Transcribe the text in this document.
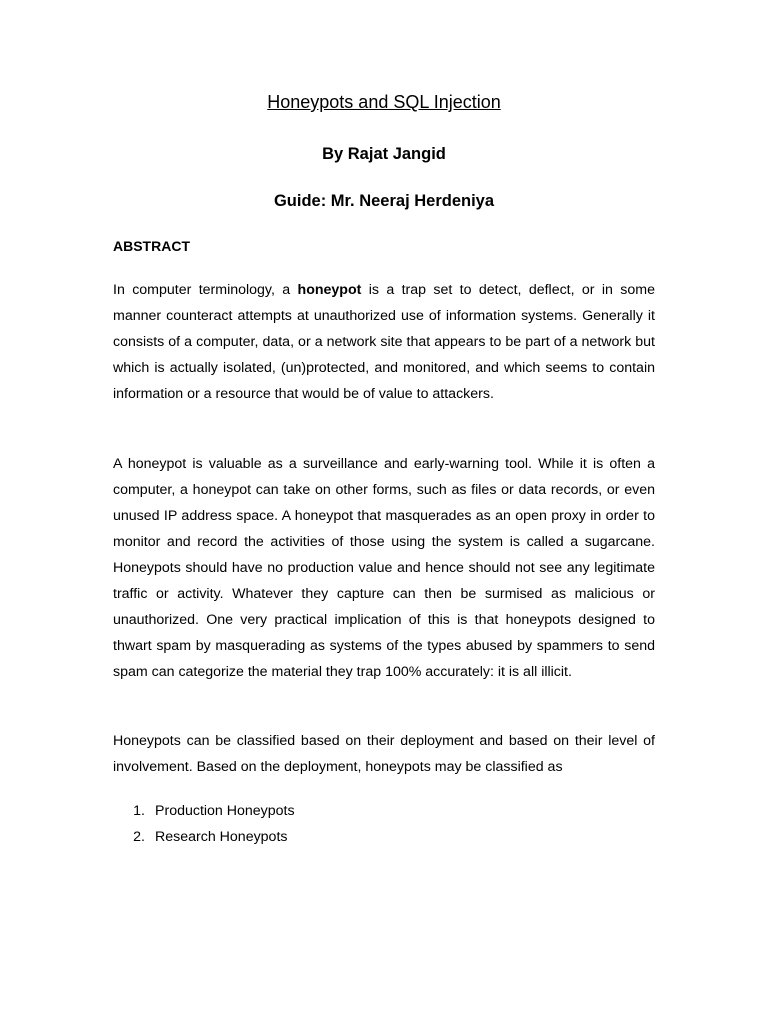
Honeypots and SQL Injection
By Rajat Jangid
Guide: Mr. Neeraj Herdeniya
ABSTRACT

In computer terminology, a honeypot is a trap set to detect, deflect, or in some manner counteract attempts at unauthorized use of information systems. Generally it consists of a computer, data, or a network site that appears to be part of a network but which is actually isolated, (un)protected, and monitored, and which seems to contain information or a resource that would be of value to attackers.

A honeypot is valuable as a surveillance and early-warning tool. While it is often a computer, a honeypot can take on other forms, such as files or data records, or even unused IP address space. A honeypot that masquerades as an open proxy in order to monitor and record the activities of those using the system is called a sugarcane. Honeypots should have no production value and hence should not see any legitimate traffic or activity. Whatever they capture can then be surmised as malicious or unauthorized. One very practical implication of this is that honeypots designed to thwart spam by masquerading as systems of the types abused by spammers to send spam can categorize the material they trap 100% accurately: it is all illicit.

Honeypots can be classified based on their deployment and based on their level of involvement. Based on the deployment, honeypots may be classified as

1. Production Honeypots
2. Research Honeypots
